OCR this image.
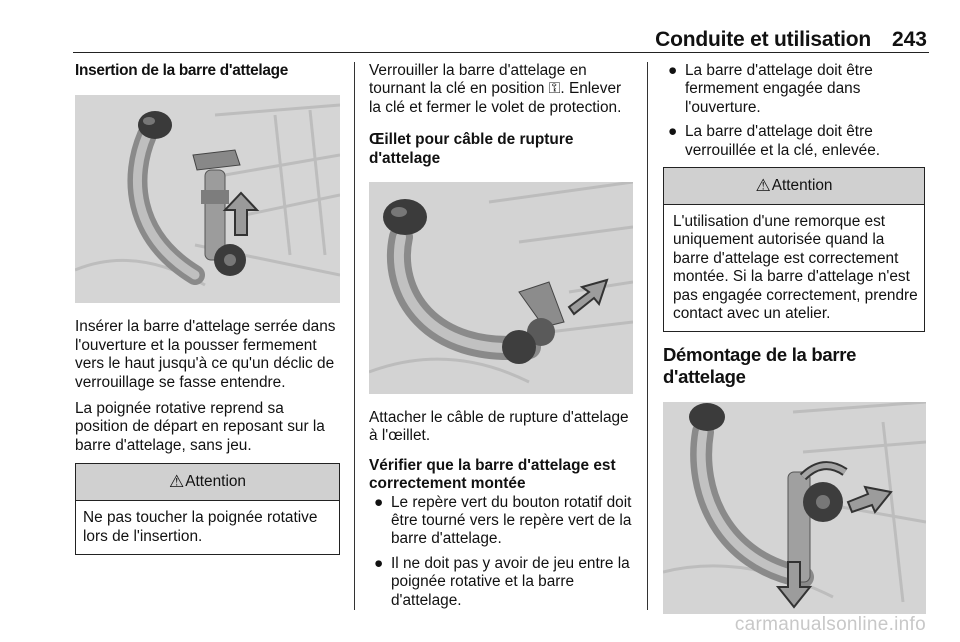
Conduite et utilisation 243
Insertion de la barre d'attelage

Insérer la barre d'attelage serrée dans l'ouverture et la pousser fermement vers le haut jusqu'à ce qu'un déclic de verrouillage se fasse entendre.

La poignée rotative reprend sa position de départ en reposant sur la barre d'attelage, sans jeu.

⚠ Attention
Ne pas toucher la poignée rotative lors de l'insertion.

Verrouiller la barre d'attelage en tournant la clé en position ⚿. Enlever la clé et fermer le volet de protection.

Œillet pour câble de rupture d'attelage

Attacher le câble de rupture d'attelage à l'œillet.

Vérifier que la barre d'attelage est correctement montée
● Le repère vert du bouton rotatif doit être tourné vers le repère vert de la barre d'attelage.
● Il ne doit pas y avoir de jeu entre la poignée rotative et la barre d'attelage.
● La barre d'attelage doit être fermement engagée dans l'ouverture.
● La barre d'attelage doit être verrouillée et la clé, enlevée.
⚠ Attention
L'utilisation d'une remorque est uniquement autorisée quand la barre d'attelage est correctement montée. Si la barre d'attelage n'est pas engagée correctement, prendre contact avec un atelier.
Démontage de la barre d'attelage
carmanualsonline.info
